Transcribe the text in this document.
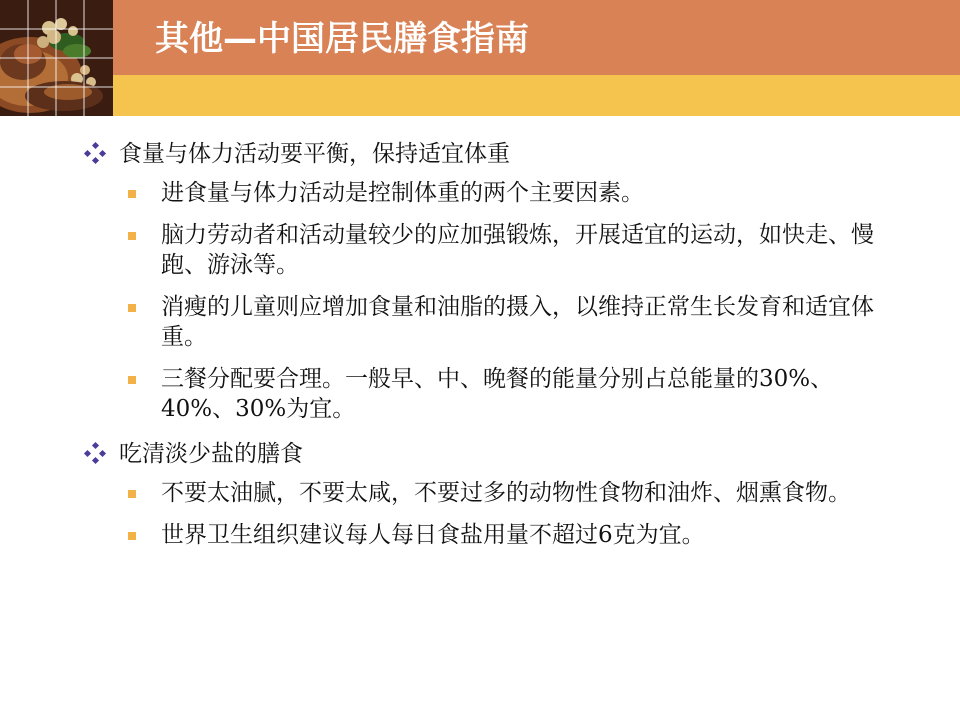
其他—中国居民膳食指南
食量与体力活动要平衡，保持适宜体重
进食量与体力活动是控制体重的两个主要因素。
脑力劳动者和活动量较少的应加强锻炼，开展适宜的运动，如快走、慢跑、游泳等。
消瘦的儿童则应增加食量和油脂的摄入，以维持正常生长发育和适宜体重。
三餐分配要合理。一般早、中、晚餐的能量分别占总能量的30%、40%、30%为宜。
吃清淡少盐的膳食
不要太油腻，不要太咸，不要过多的动物性食物和油炸、烟熏食物。
世界卫生组织建议每人每日食盐用量不超过6克为宜。
